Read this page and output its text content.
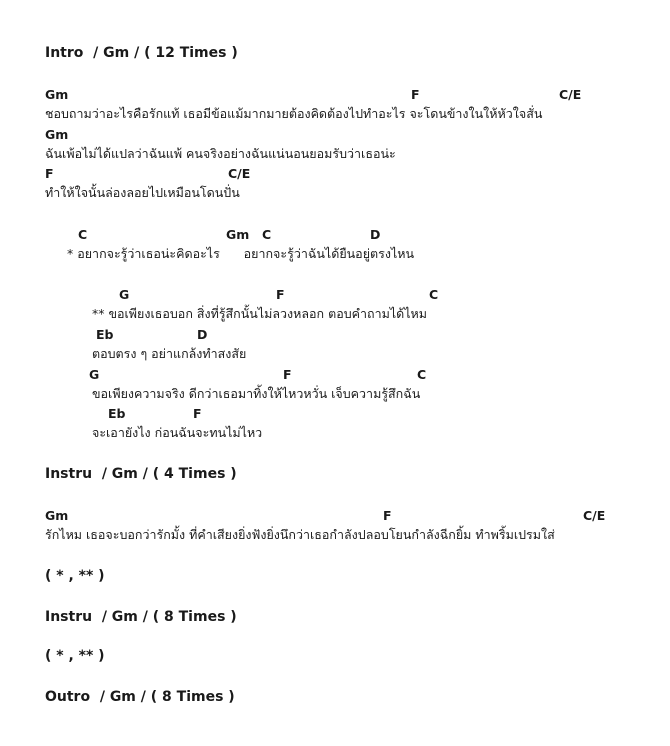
Intro  / Gm / ( 12 Times )
Gm	F	C/E
ชอบถามว่าอะไรคือรักแท้ เธอมีข้อแม้มากมายต้องคิดต้องไปทำอะไร จะโดนข้างในให้หัวใจสั่น
Gm
ฉันเพ้อไม่ได้แปลว่าฉันแพ้ คนจริงอย่างฉันแน่นอนยอมรับว่าเธอน่ะ
F	C/E
ทำให้ใจนั้นล่องลอยไปเหมือนโดนปั่น
C	Gm C	D
* อยากจะรู้ว่าเธอน่ะคิดอะไร      อยากจะรู้ว่าฉันได้ยืนอยู่ตรงไหน
G	F	C
** ขอเพียงเธอบอก สิ่งที่รู้สึกนั้นไม่ลวงหลอก ตอบคำถามได้ไหม
Eb	D
ตอบตรง ๆ อย่าแกล้งทำสงสัย
G	F	C
ขอเพียงความจริง ดีกว่าเธอมาทิ้งให้ไหวหวั่น เจ็บความรู้สึกฉัน
Eb	F
จะเอายังไง ก่อนฉันจะทนไม่ไหว
Instru  / Gm / ( 4 Times )
Gm	F	C/E
รักไหม เธอจะบอกว่ารักมั้ง ที่คำเสียงยิ่งฟังยิ่งนึกว่าเธอกำลังปลอบโยนกำลังฉีกยิ้ม ทำพริ้มเปรมใส่
( * , ** )
Instru  / Gm / ( 8 Times )
( * , ** )
Outro  / Gm / ( 8 Times )
